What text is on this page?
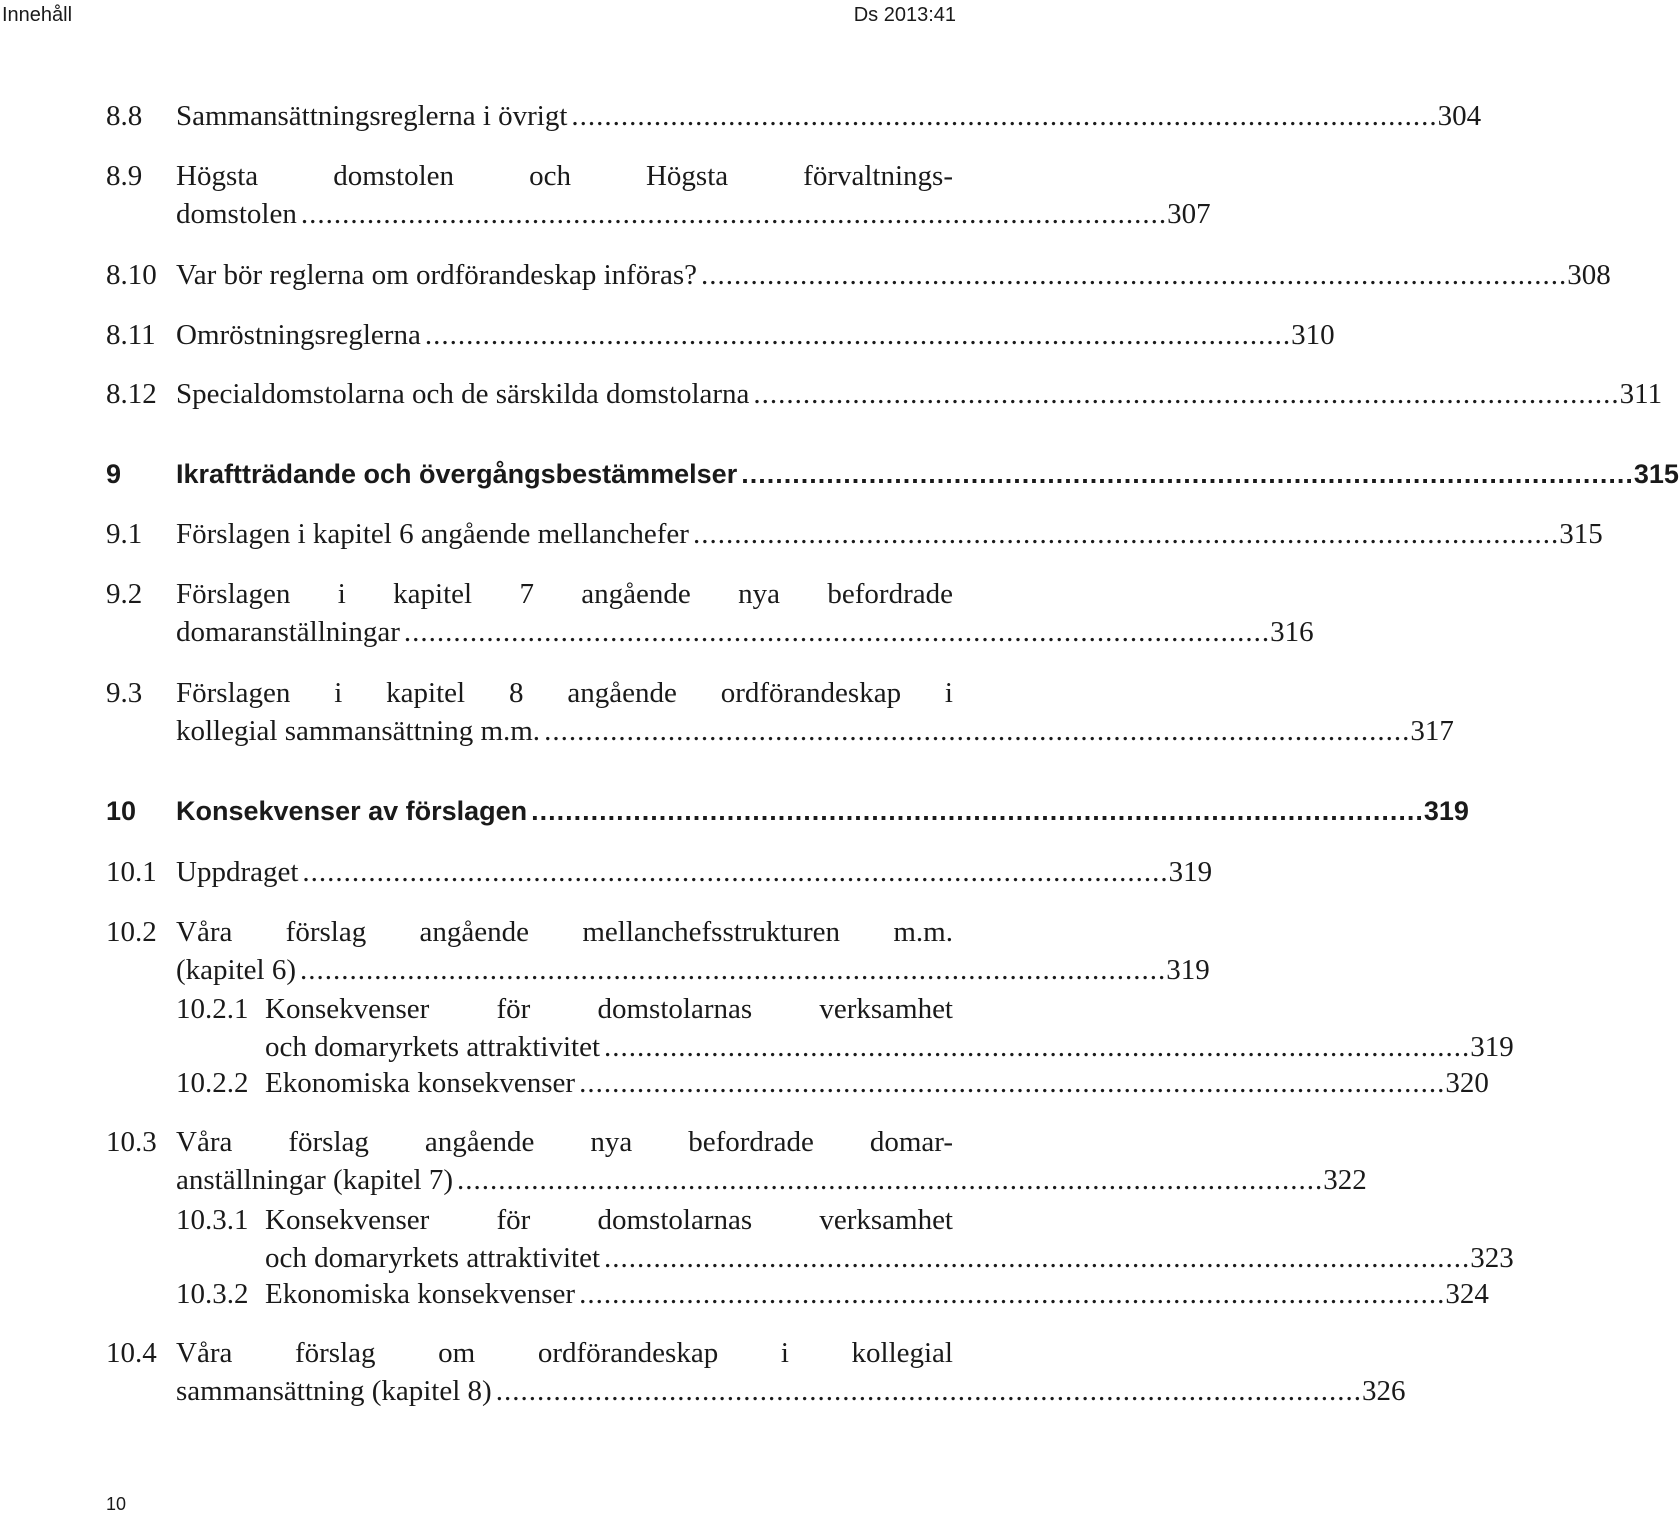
Innehåll	Ds 2013:41
8.8 Sammansättningsreglerna i övrigt ......................................................................................................... 304
8.9 Högsta domstolen och Högsta förvaltnings-
domstolen ......................................................................................................... 307
8.10 Var bör reglerna om ordförandeskap införas? ......................................................................................................... 308
8.11 Omröstningsreglerna ......................................................................................................... 310
8.12 Specialdomstolarna och de särskilda domstolarna ......................................................................................................... 311
9 Ikraftträdande och övergångsbestämmelser ......................................................................................................... 315
9.1 Förslagen i kapitel 6 angående mellanchefer ......................................................................................................... 315
9.2 Förslagen i kapitel 7 angående nya befordrade
domaranställningar ......................................................................................................... 316
9.3 Förslagen i kapitel 8 angående ordförandeskap i
kollegial sammansättning m.m. ......................................................................................................... 317
10 Konsekvenser av förslagen ......................................................................................................... 319
10.1 Uppdraget ......................................................................................................... 319
10.2 Våra förslag angående mellanchefsstrukturen m.m.
(kapitel 6) ......................................................................................................... 319
10.2.1 Konsekvenser för domstolarnas verksamhet
och domaryrkets attraktivitet ......................................................................................................... 319
10.2.2 Ekonomiska konsekvenser ......................................................................................................... 320
10.3 Våra förslag angående nya befordrade domar-
anställningar (kapitel 7) ......................................................................................................... 322
10.3.1 Konsekvenser för domstolarnas verksamhet
och domaryrkets attraktivitet ......................................................................................................... 323
10.3.2 Ekonomiska konsekvenser ......................................................................................................... 324
10.4 Våra förslag om ordförandeskap i kollegial
sammansättning (kapitel 8) ......................................................................................................... 326
10
